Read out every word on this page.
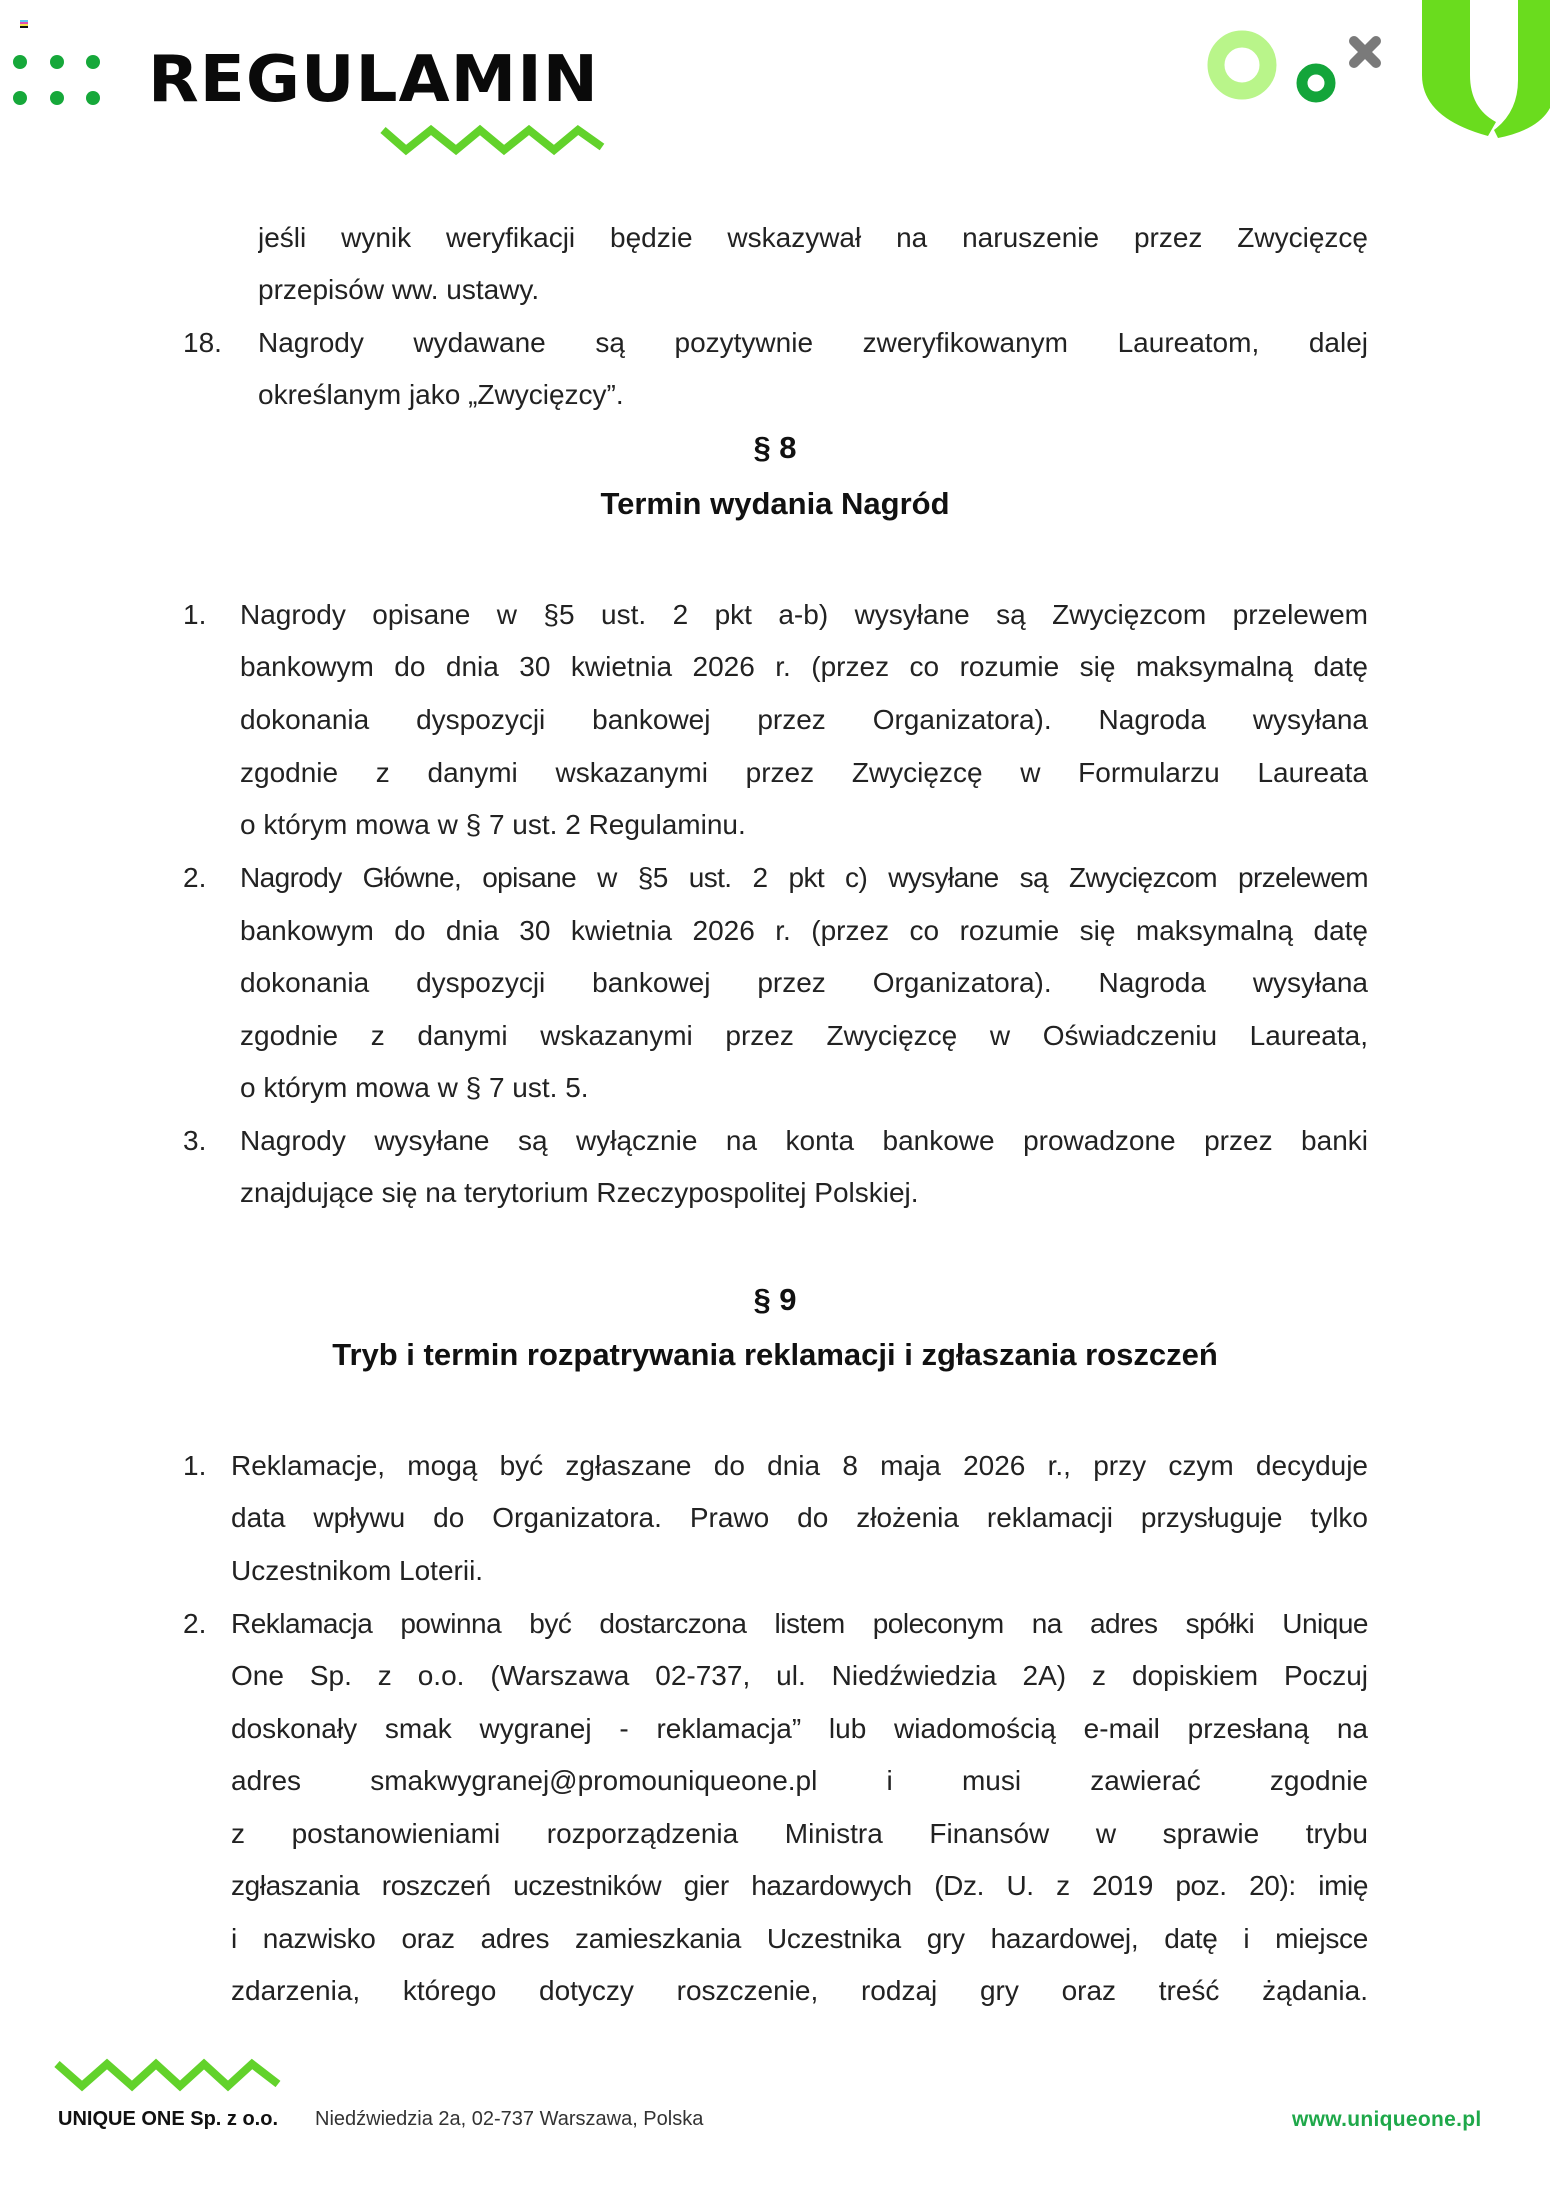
REGULAMIN
jeśli wynik weryfikacji będzie wskazywał na naruszenie przez Zwycięzcę
przepisów ww. ustawy.
18. Nagrody wydawane są pozytywnie zweryfikowanym Laureatom, dalej
określanym jako „Zwycięzcy”.
§ 8
Termin wydania Nagród
1. Nagrody opisane w §5 ust. 2 pkt a-b) wysyłane są Zwycięzcom przelewem
bankowym do dnia 30 kwietnia 2026 r. (przez co rozumie się maksymalną datę
dokonania dyspozycji bankowej przez Organizatora). Nagroda wysyłana
zgodnie z danymi wskazanymi przez Zwycięzcę w Formularzu Laureata
o którym mowa w § 7 ust. 2 Regulaminu.
2. Nagrody Główne, opisane w §5 ust. 2 pkt c) wysyłane są Zwycięzcom przelewem
bankowym do dnia 30 kwietnia 2026 r. (przez co rozumie się maksymalną datę
dokonania dyspozycji bankowej przez Organizatora). Nagroda wysyłana
zgodnie z danymi wskazanymi przez Zwycięzcę w Oświadczeniu Laureata,
o którym mowa w § 7 ust. 5.
3. Nagrody wysyłane są wyłącznie na konta bankowe prowadzone przez banki
znajdujące się na terytorium Rzeczypospolitej Polskiej.
§ 9
Tryb i termin rozpatrywania reklamacji i zgłaszania roszczeń
1. Reklamacje, mogą być zgłaszane do dnia 8 maja 2026 r., przy czym decyduje
data wpływu do Organizatora. Prawo do złożenia reklamacji przysługuje tylko
Uczestnikom Loterii.
2. Reklamacja powinna być dostarczona listem poleconym na adres spółki Unique
One Sp. z o.o. (Warszawa 02-737, ul. Niedźwiedzia 2A) z dopiskiem Poczuj
doskonały smak wygranej - reklamacja” lub wiadomością e-mail przesłaną na
adres smakwygranej@promouniqueone.pl i musi zawierać zgodnie
z postanowieniami rozporządzenia Ministra Finansów w sprawie trybu
zgłaszania roszczeń uczestników gier hazardowych (Dz. U. z 2019 poz. 20): imię
i nazwisko oraz adres zamieszkania Uczestnika gry hazardowej, datę i miejsce
zdarzenia, którego dotyczy roszczenie, rodzaj gry oraz treść żądania.
UNIQUE ONE Sp. z o.o. Niedźwiedzia 2a, 02-737 Warszawa, Polska	www.uniqueone.pl
